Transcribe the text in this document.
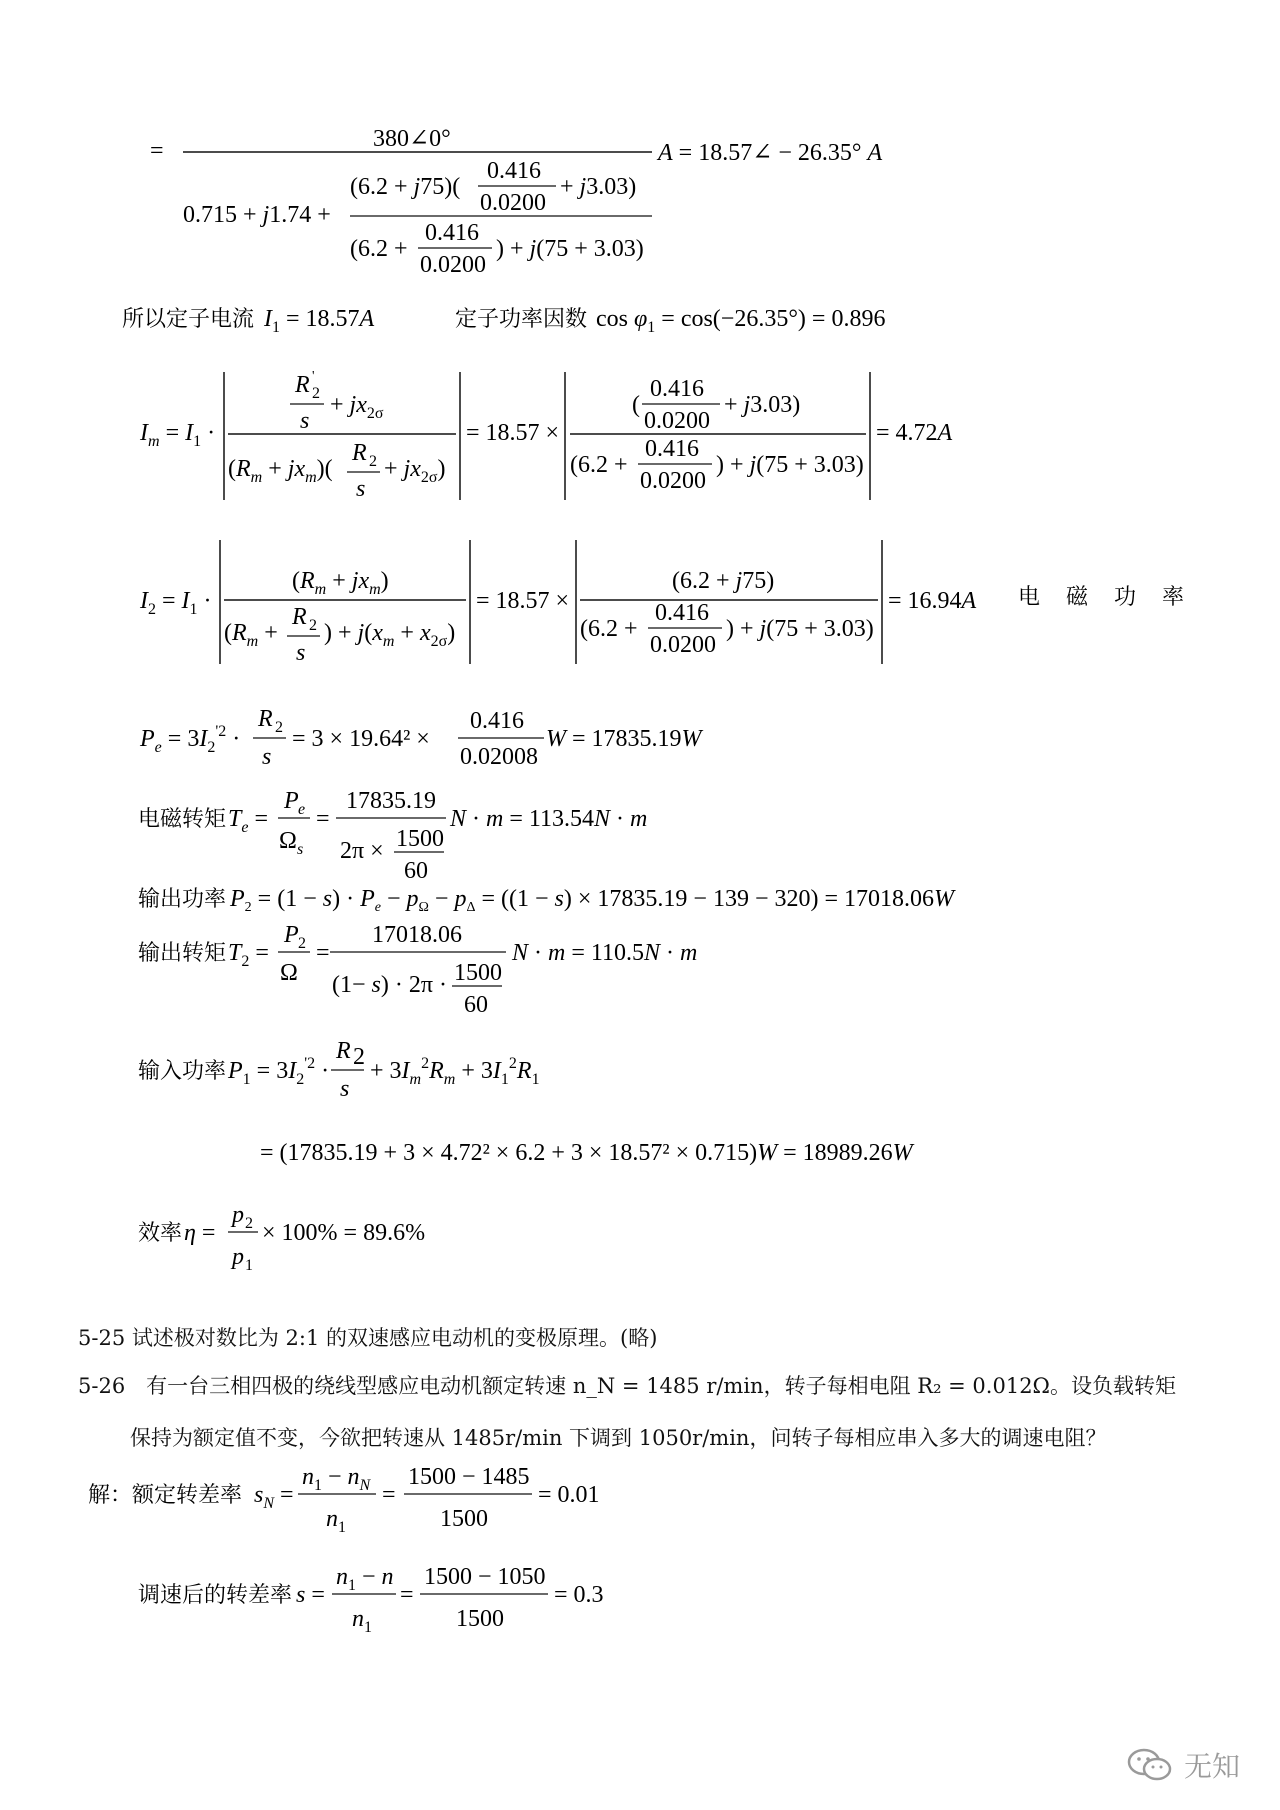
=	380∠0°
0.715 + j1.74 +
(6.2 + j75)(
0.416
0.0200
+ j3.03)
(6.2 +
0.416
0.0200
) + j(75 + 3.03)
A = 18.57∠ − 26.35° A
所以定子电流 $I_1 = 18.57A$	定子功率因数 $\cos \varphi_1 = \cos(-26.35^\circ) = 0.896$
$I_m = I_1$ ·
R 2
'
s
+ $jx_{2\sigma}$
$(R_m + jx_m)$(
R 2
s
+ $jx_{2\sigma}$)
= 18.57 ×
(
0.416
0.0200
+ j3.03)
(6.2 +
0.416
0.0200
) + j(75 + 3.03)
= 4.72A
$I_2 = I_1$ ·
$(R_m + jx_m)$
($R_m$ +
R 2
s
) + $j(x_m + x_{2\sigma})$
= 18.57 ×
(6.2 + j75)
(6.2 +
0.416
0.0200
) + j(75 + 3.03)
= 16.94A 电磁功率
$P_e = 3I_2^{'2}$ ·
R 2
s
= 3 × 19.64² ×
0.416
0.02008
W = 17835.19W
电磁转矩 $T_e$ =
P e
Ω s
=
17835.19
2π × 1500
60
N · m = 113.54N · m
输出功率 $P_2 = (1 - s) \cdot P_e - p_\Omega - p_\Delta = ((1 - s) \times 17835.19 - 139 - 320) = 17018.06W$
输出转矩 $T_2$ =
P 2
Ω
=
17018.06
(1− s) · 2π · 1500
60
N · m = 110.5N · m
输入功率 $P_1 = 3I_2^{'2}$ ·
R 2
s
+ $3I_m^2R_m + 3I_1^2R_1$
= (17835.19 + 3 × 4.72² × 6.2 + 3 × 18.57² × 0.715)W = 18989.26W
效率 η =
p 2
p 1
× 100% = 89.6%
解：额定转差率 $s_N$ =
$n_1 - n_N$
n 1
=
1500 − 1485
1500
= 0.01
调速后的转差率 s =
$n_1 - n$
n 1
=
1500 − 1050
1500
= 0.3
5-25 试述极对数比为 2:1 的双速感应电动机的变极原理。(略)
5-26　有一台三相四极的绕线型感应电动机额定转速 n_N = 1485 r/min，转子每相电阻 R₂ = 0.012Ω。设负载转矩
保持为额定值不变，今欲把转速从 1485r/min 下调到 1050r/min，问转子每相应串入多大的调速电阻？
无知
